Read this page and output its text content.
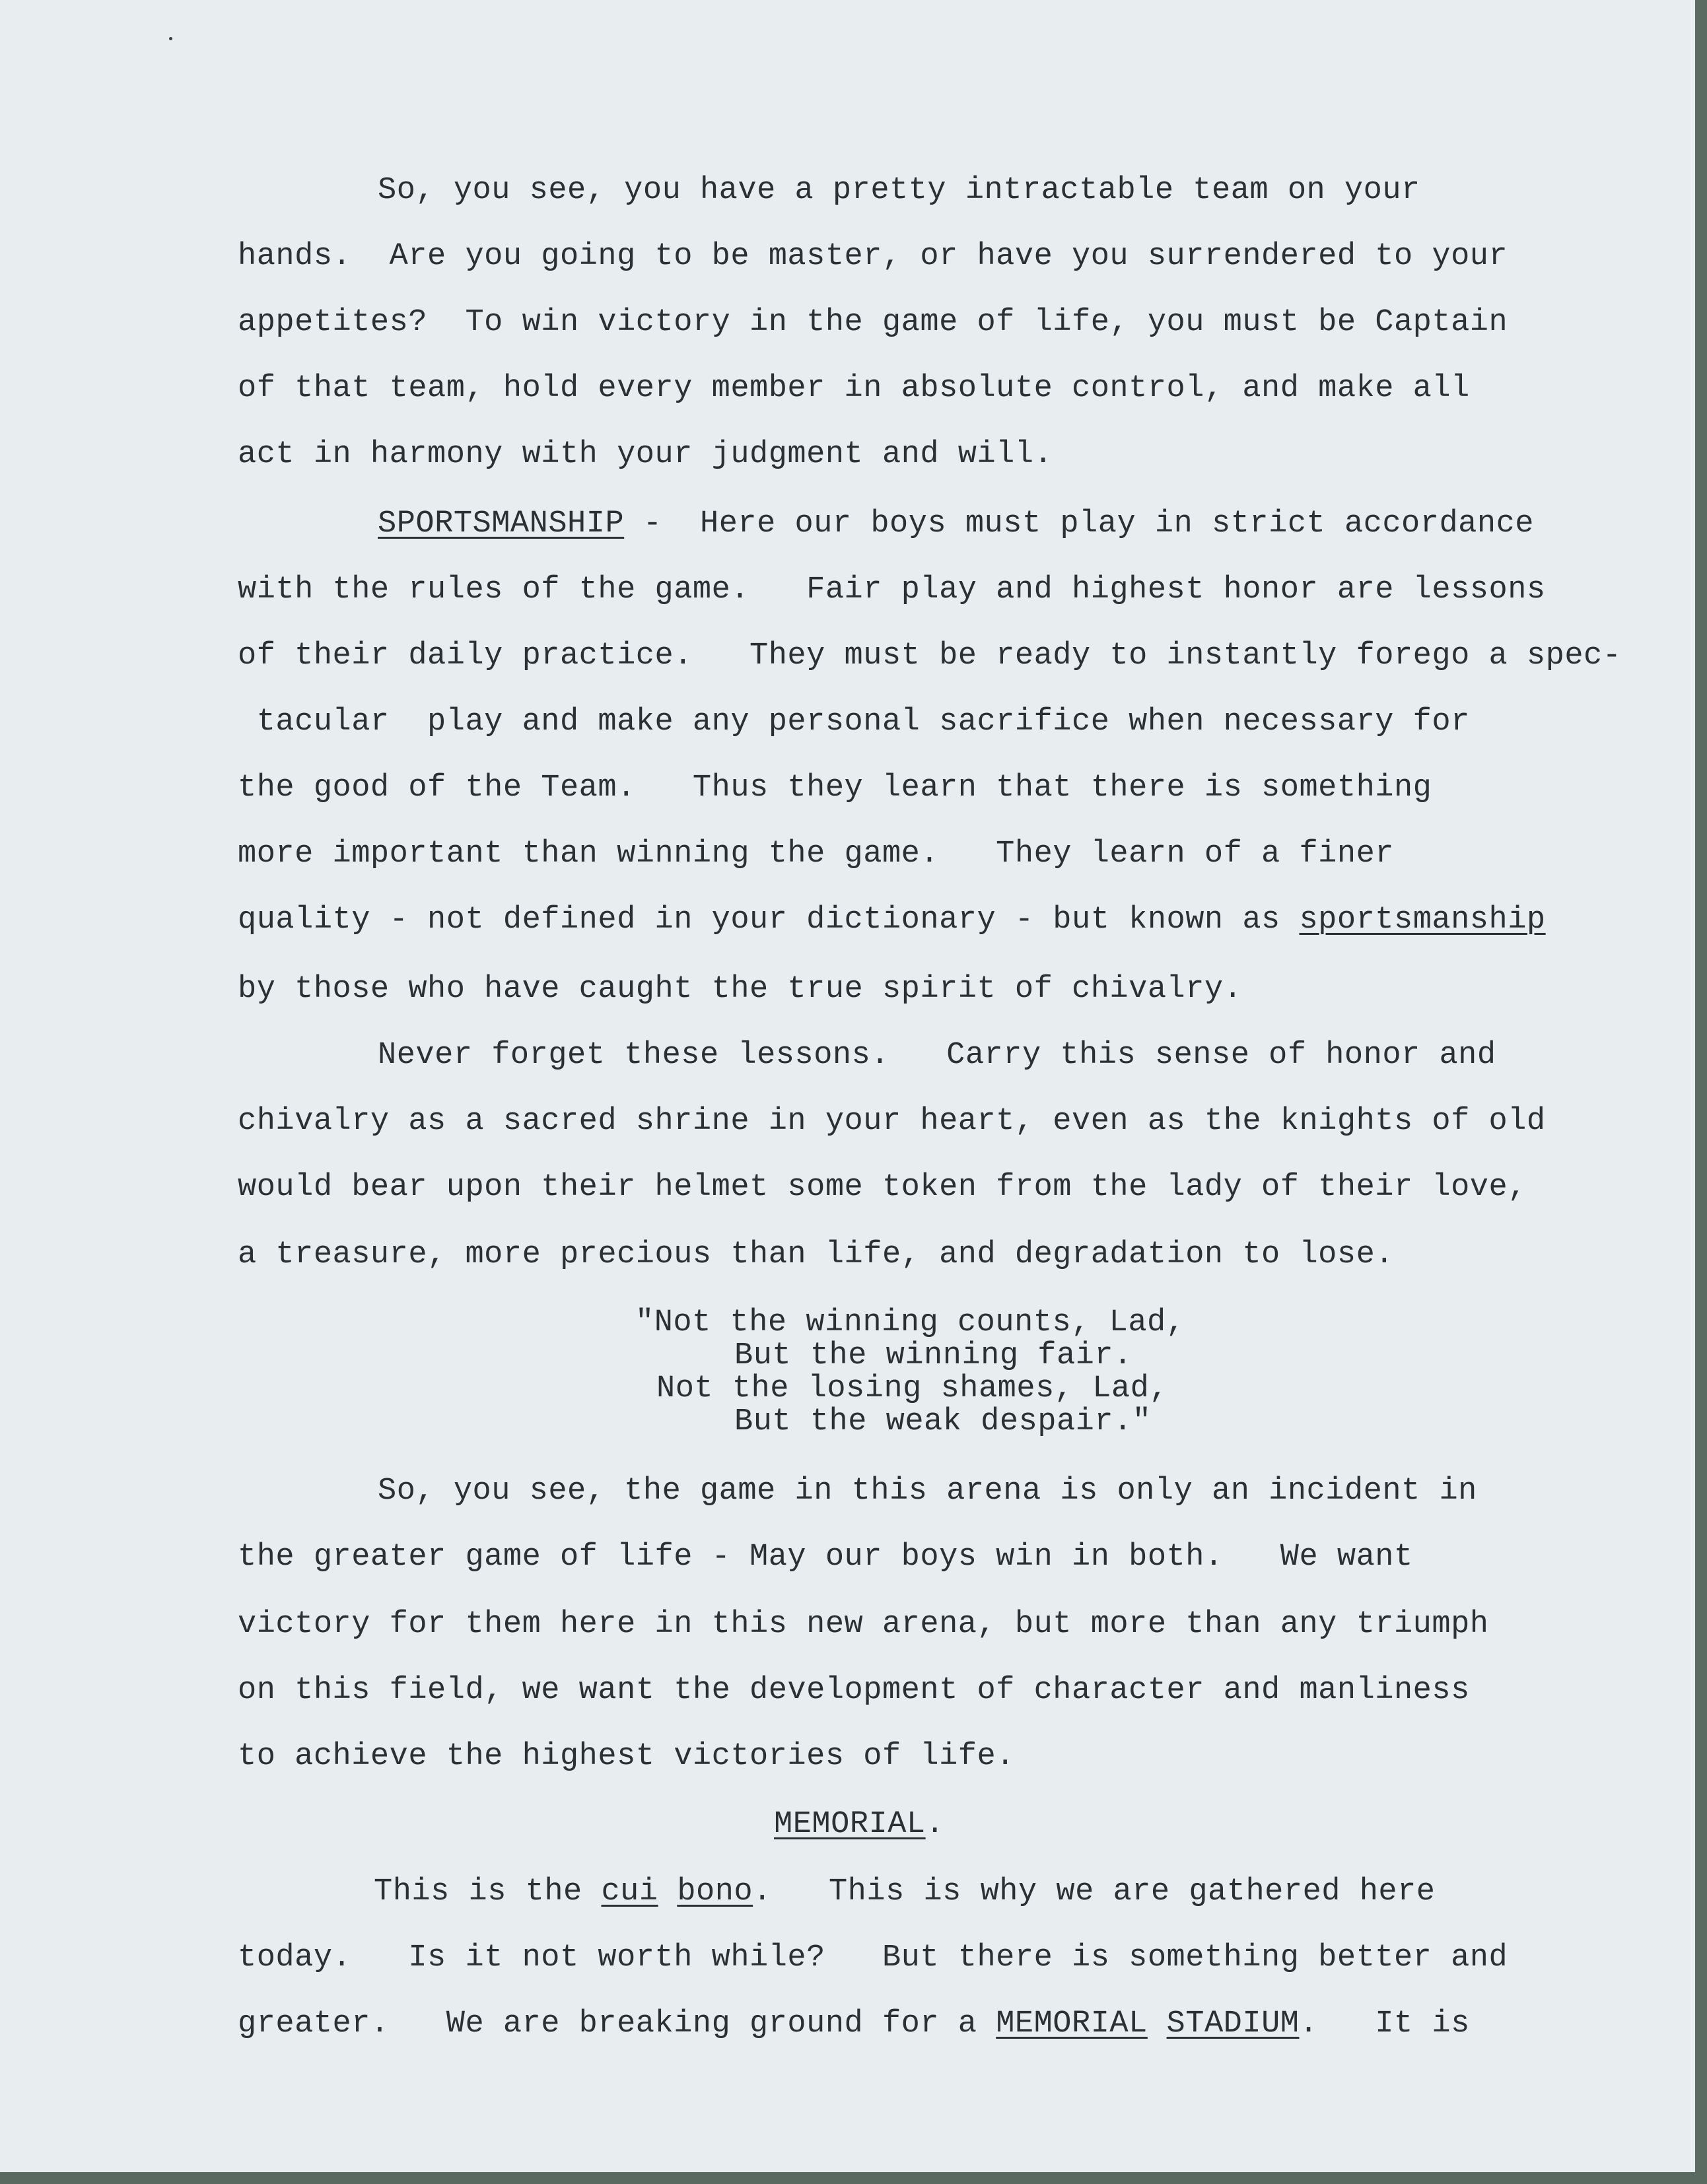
So, you see, you have a pretty intractable team on your
hands.  Are you going to be master, or have you surrendered to your
appetites?  To win victory in the game of life, you must be Captain
of that team, hold every member in absolute control, and make all
act in harmony with your judgment and will.
SPORTSMANSHIP -  Here our boys must play in strict accordance
with the rules of the game.   Fair play and highest honor are lessons
of their daily practice.   They must be ready to instantly forego a spec-
tacular  play and make any personal sacrifice when necessary for
the good of the Team.   Thus they learn that there is something
more important than winning the game.   They learn of a finer
quality - not defined in your dictionary - but known as sportsmanship
by those who have caught the true spirit of chivalry.
Never forget these lessons.   Carry this sense of honor and
chivalry as a sacred shrine in your heart, even as the knights of old
would bear upon their helmet some token from the lady of their love,
a treasure, more precious than life, and degradation to lose.
"Not the winning counts, Lad,
But the winning fair.
Not the losing shames, Lad,
But the weak despair."
So, you see, the game in this arena is only an incident in
the greater game of life - May our boys win in both.   We want
victory for them here in this new arena, but more than any triumph
on this field, we want the development of character and manliness
to achieve the highest victories of life.
MEMORIAL.
This is the cui bono.   This is why we are gathered here
today.   Is it not worth while?   But there is something better and
greater.   We are breaking ground for a MEMORIAL STADIUM.   It is
